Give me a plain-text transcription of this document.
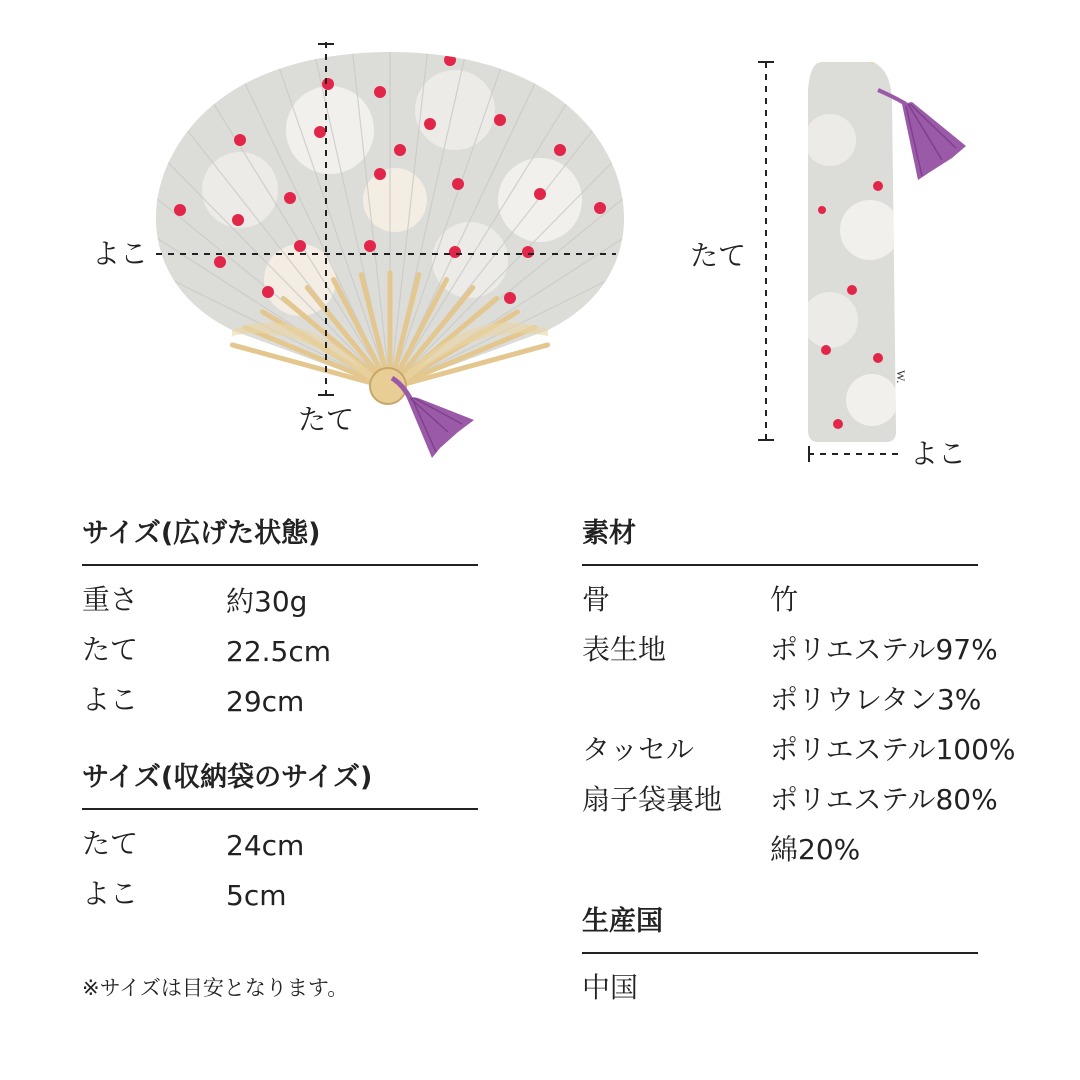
W.
よこ
たて
たて
よこ
サイズ(広げた状態)
重さ	約30g
たて	22.5cm
よこ	29cm
サイズ(収納袋のサイズ)
たて	24cm
よこ	5cm
※サイズは目安となります。
素材
骨	竹
表生地	ポリエステル97%
ポリウレタン3%
タッセル	ポリエステル100%
扇子袋裏地 ポリエステル80%
綿20%
生産国
中国
